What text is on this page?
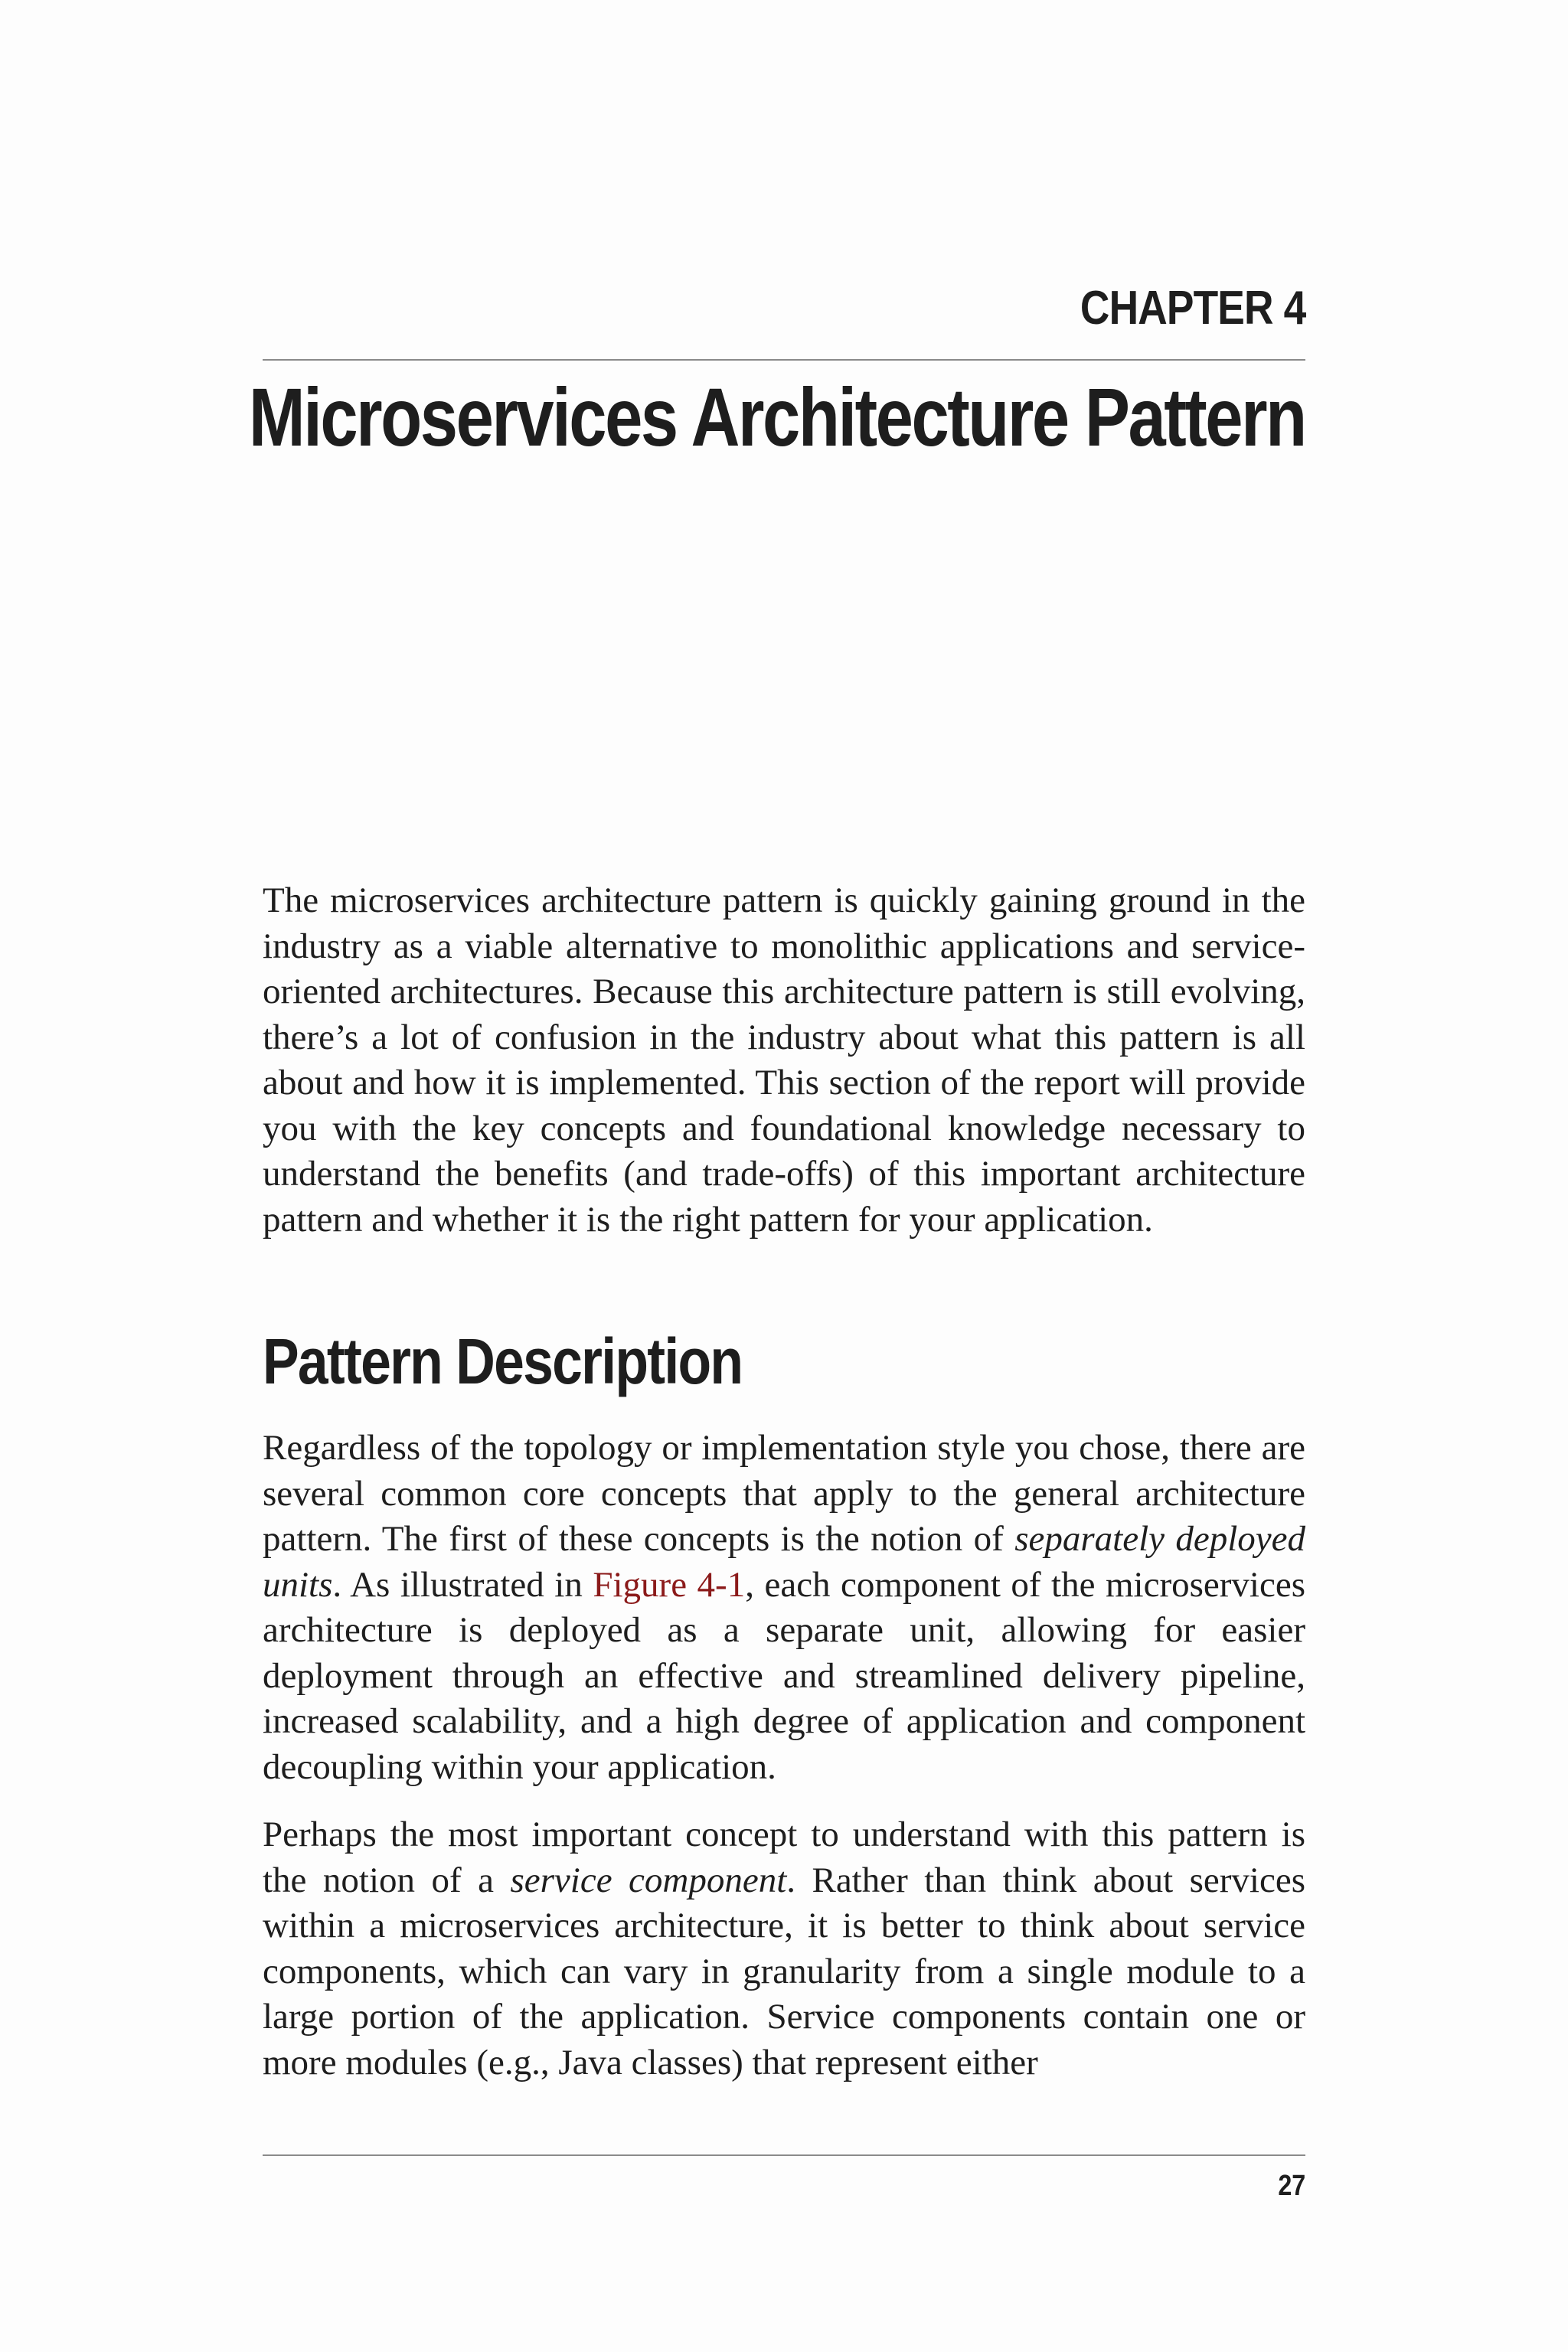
CHAPTER 4
Microservices Architecture Pattern

The microservices architecture pattern is quickly gaining ground in the industry as a viable alternative to monolithic applications and service-oriented architectures. Because this architecture pattern is still evolving, there’s a lot of confusion in the industry about what this pattern is all about and how it is implemented. This section of the report will provide you with the key concepts and foundational knowledge necessary to understand the benefits (and trade-offs) of this important architecture pattern and whether it is the right pattern for your application.

Pattern Description

Regardless of the topology or implementation style you chose, there are several common core concepts that apply to the general architecture pattern. The first of these concepts is the notion of separately deployed units. As illustrated in Figure 4-1, each component of the microservices architecture is deployed as a separate unit, allowing for easier deployment through an effective and streamlined delivery pipeline, increased scalability, and a high degree of application and component decoupling within your application.

Perhaps the most important concept to understand with this pattern is the notion of a service component. Rather than think about services within a microservices architecture, it is better to think about service components, which can vary in granularity from a single module to a large portion of the application. Service components contain one or more modules (e.g., Java classes) that represent either

27
